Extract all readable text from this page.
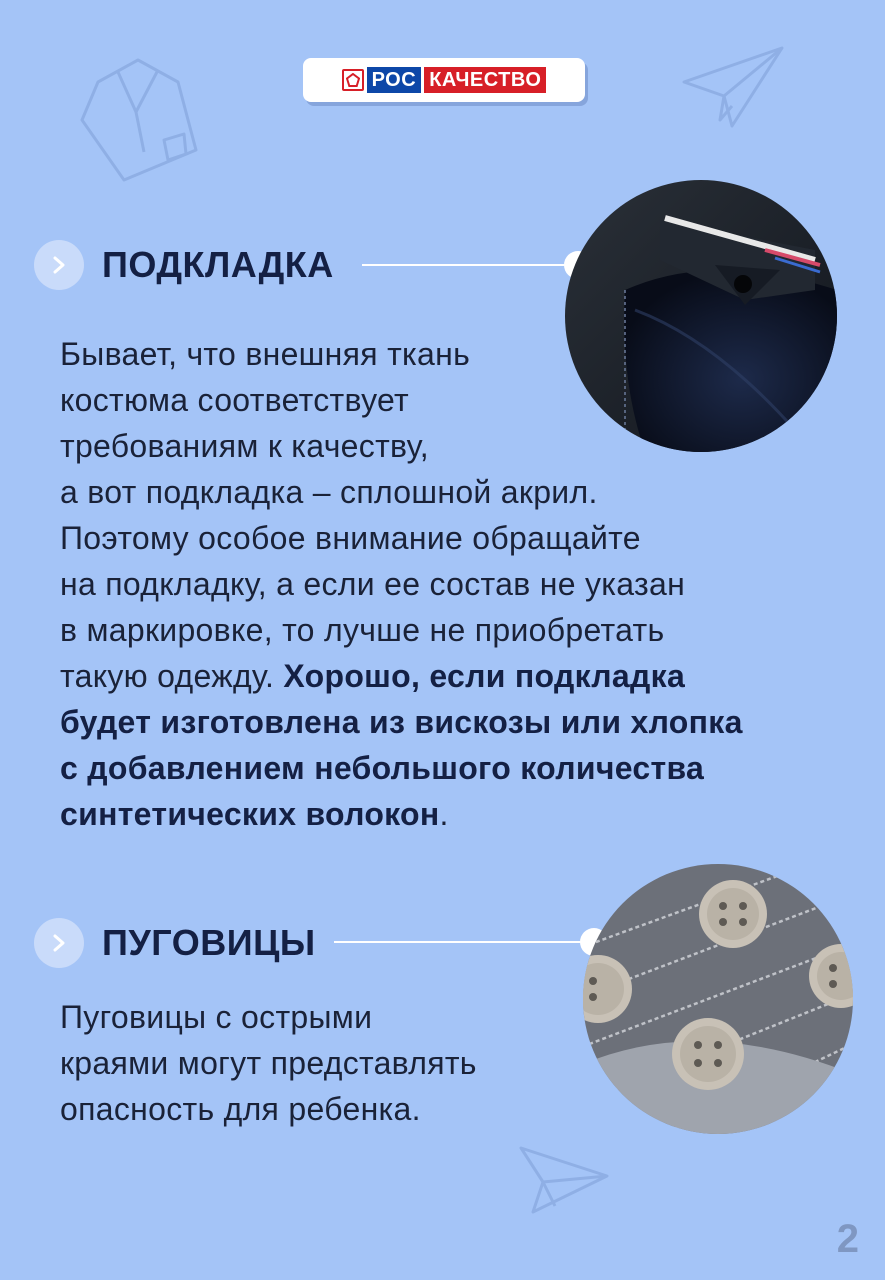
РОС КАЧЕСТВО
ПОДКЛАДКА
Бывает, что внешняя ткань
костюма соответствует
требованиям к качеству,
а вот подкладка – сплошной акрил.
Поэтому особое внимание обращайте
на подкладку, а если ее состав не указан
в маркировке, то лучше не приобретать
такую одежду. Хорошо, если подкладка
будет изготовлена из вискозы или хлопка
с добавлением небольшого количества
синтетических волокон.
ПУГОВИЦЫ
Пуговицы с острыми
краями могут представлять
опасность для ребенка.
2
